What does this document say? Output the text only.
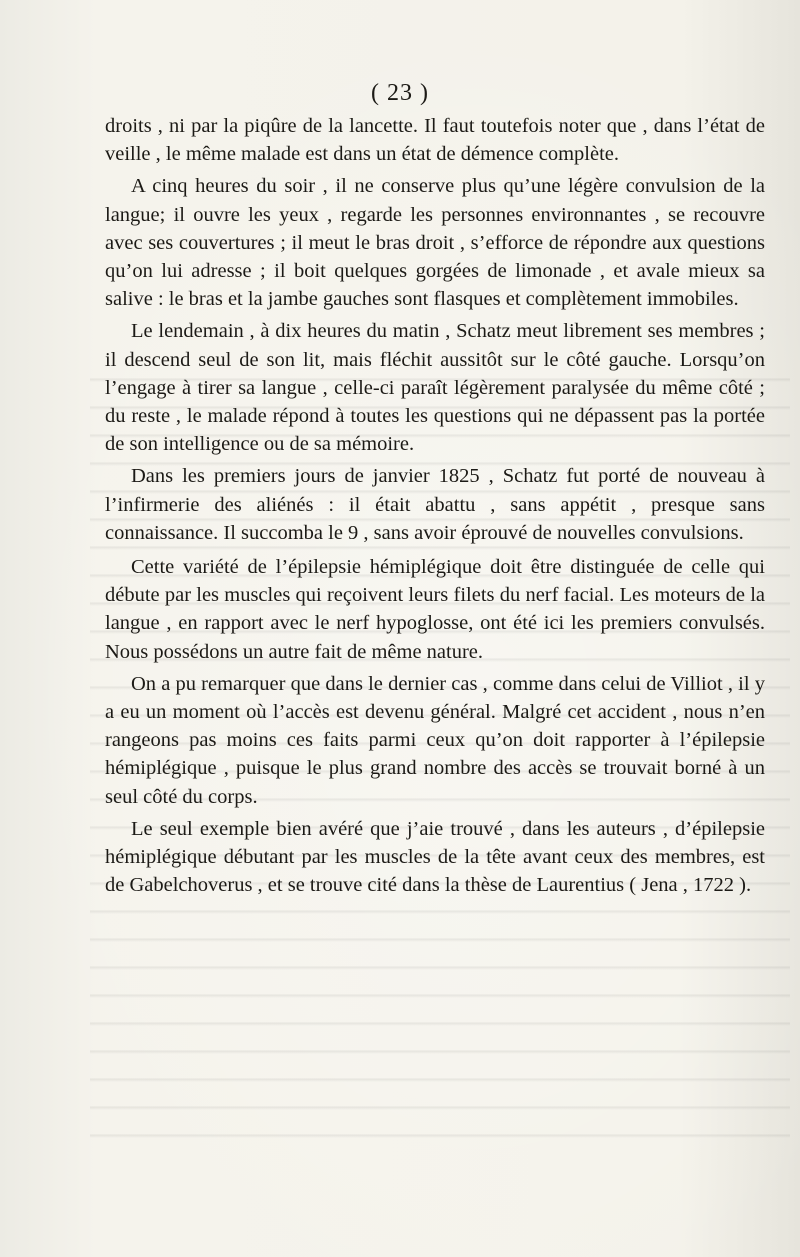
( 23 )

droits , ni par la piqûre de la lancette. Il faut toutefois noter que , dans l’état de veille , le même malade est dans un état de démence complète.

A cinq heures du soir , il ne conserve plus qu’une légère convulsion de la langue; il ouvre les yeux , regarde les personnes environnantes , se recouvre avec ses couvertures ; il meut le bras droit , s’efforce de répondre aux questions qu’on lui adresse ; il boit quelques gorgées de limonade , et avale mieux sa salive : le bras et la jambe gauches sont flasques et complètement immobiles.

Le lendemain , à dix heures du matin , Schatz meut librement ses membres ; il descend seul de son lit, mais fléchit aussitôt sur le côté gauche. Lorsqu’on l’engage à tirer sa langue , celle-ci paraît légèrement paralysée du même côté ; du reste , le malade répond à toutes les questions qui ne dépassent pas la portée de son intelligence ou de sa mémoire.

Dans les premiers jours de janvier 1825 , Schatz fut porté de nouveau à l’infirmerie des aliénés : il était abattu , sans appétit , presque sans connaissance. Il succomba le 9 , sans avoir éprouvé de nouvelles convulsions.

Cette variété de l’épilepsie hémiplégique doit être distinguée de celle qui débute par les muscles qui reçoivent leurs filets du nerf facial. Les moteurs de la langue , en rapport avec le nerf hypoglosse, ont été ici les premiers convulsés. Nous possédons un autre fait de même nature.

On a pu remarquer que dans le dernier cas , comme dans celui de Villiot , il y a eu un moment où l’accès est devenu général. Malgré cet accident , nous n’en rangeons pas moins ces faits parmi ceux qu’on doit rapporter à l’épilepsie hémiplégique , puisque le plus grand nombre des accès se trouvait borné à un seul côté du corps.

Le seul exemple bien avéré que j’aie trouvé , dans les auteurs , d’épilepsie hémiplégique débutant par les muscles de la tête avant ceux des membres, est de Gabelchoverus , et se trouve cité dans la thèse de Laurentius ( Jena , 1722 ).
